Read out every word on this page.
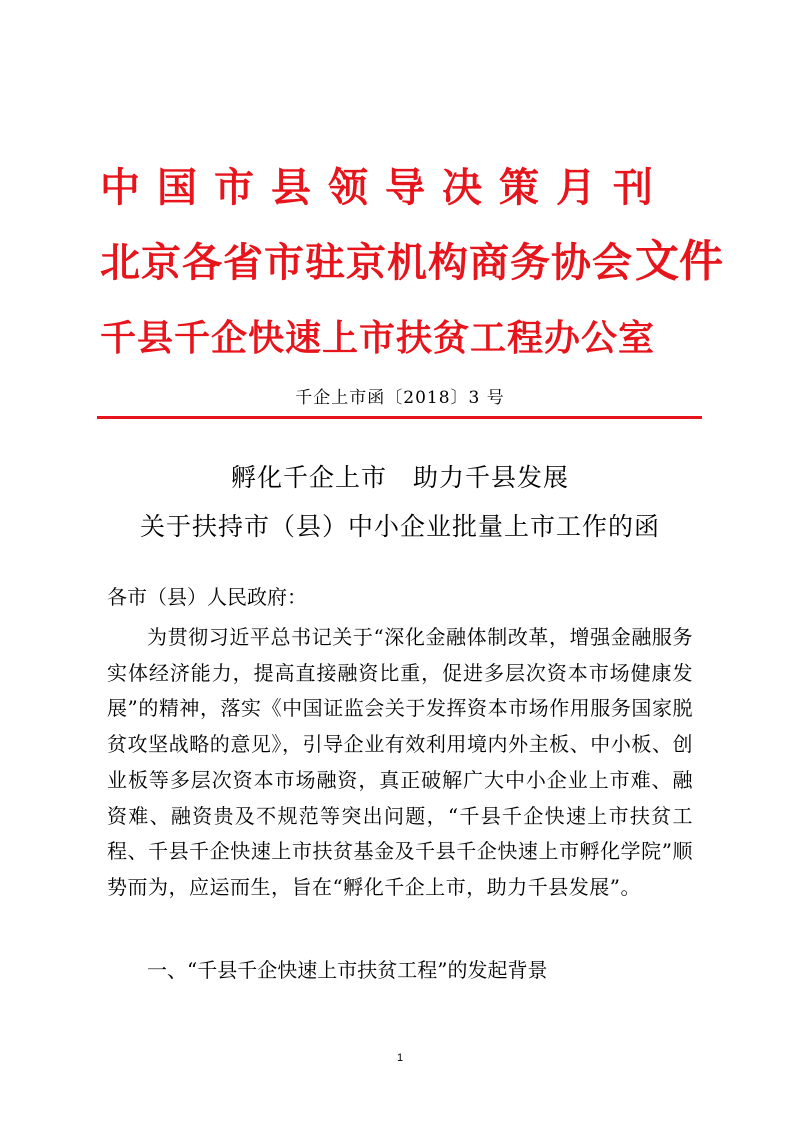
中国市县领导决策月刊
北京各省市驻京机构商务协会 文件
千县千企快速上市扶贫工程办公室
千企上市函〔2018〕3 号
孵化千企上市　助力千县发展
关于扶持市（县）中小企业批量上市工作的函
各市（县）人民政府：
为贯彻习近平总书记关于“深化金融体制改革，增强金融服务实体经济能力，提高直接融资比重，促进多层次资本市场健康发展”的精神，落实《中国证监会关于发挥资本市场作用服务国家脱贫攻坚战略的意见》，引导企业有效利用境内外主板、中小板、创业板等多层次资本市场融资，真正破解广大中小企业上市难、融资难、融资贵及不规范等突出问题，“千县千企快速上市扶贫工程、千县千企快速上市扶贫基金及千县千企快速上市孵化学院”顺势而为，应运而生，旨在“孵化千企上市，助力千县发展”。
一、“千县千企快速上市扶贫工程”的发起背景
1
